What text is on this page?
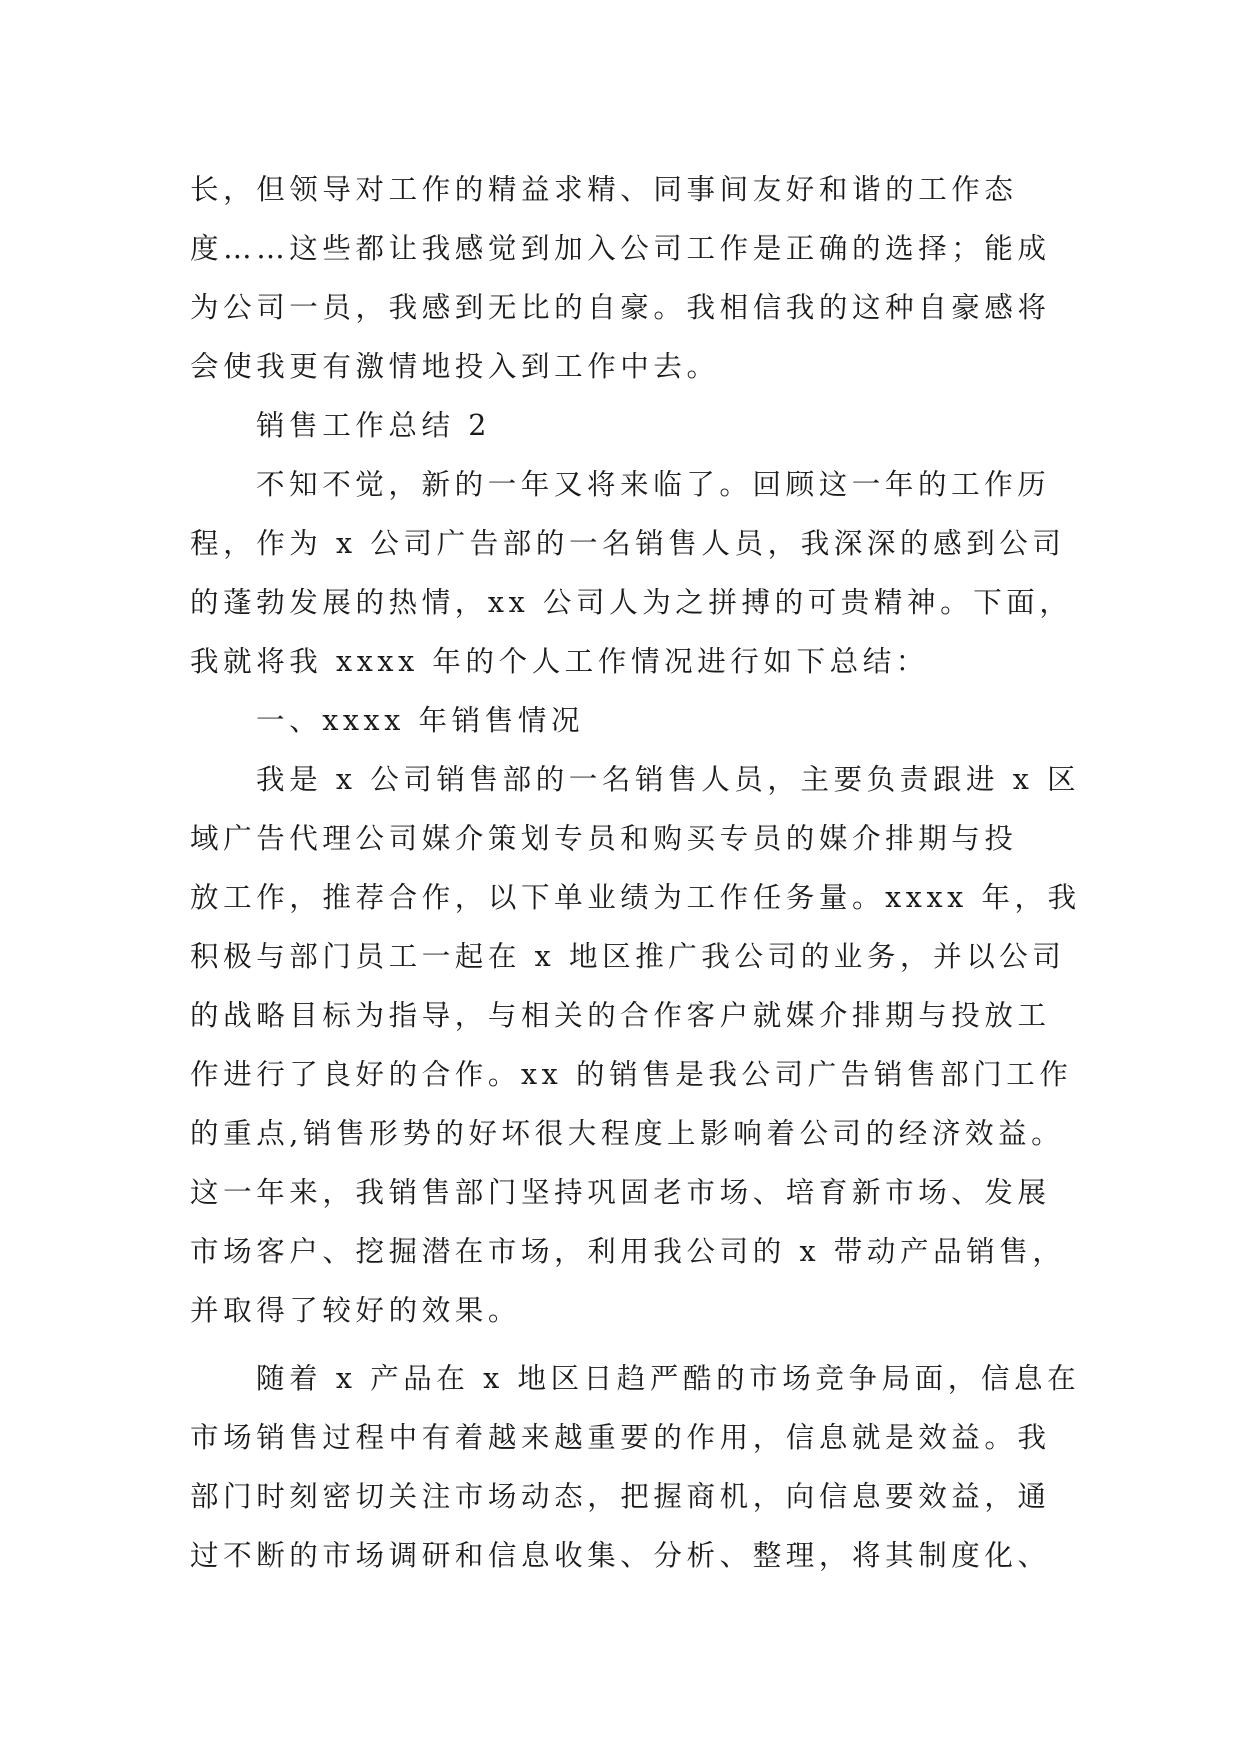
长，但领导对工作的精益求精、同事间友好和谐的工作态
度……这些都让我感觉到加入公司工作是正确的选择；能成
为公司一员，我感到无比的自豪。我相信我的这种自豪感将
会使我更有激情地投入到工作中去。
销售工作总结 2
不知不觉，新的一年又将来临了。回顾这一年的工作历
程，作为 x 公司广告部的一名销售人员，我深深的感到公司
的蓬勃发展的热情，xx 公司人为之拼搏的可贵精神。下面，
我就将我 xxxx 年的个人工作情况进行如下总结：
一、xxxx 年销售情况
我是 x 公司销售部的一名销售人员，主要负责跟进 x 区
域广告代理公司媒介策划专员和购买专员的媒介排期与投
放工作，推荐合作，以下单业绩为工作任务量。xxxx 年，我
积极与部门员工一起在 x 地区推广我公司的业务，并以公司
的战略目标为指导，与相关的合作客户就媒介排期与投放工
作进行了良好的合作。xx 的销售是我公司广告销售部门工作
的重点,销售形势的好坏很大程度上影响着公司的经济效益。
这一年来，我销售部门坚持巩固老市场、培育新市场、发展
市场客户、挖掘潜在市场，利用我公司的 x 带动产品销售，
并取得了较好的效果。
随着 x 产品在 x 地区日趋严酷的市场竞争局面，信息在
市场销售过程中有着越来越重要的作用，信息就是效益。我
部门时刻密切关注市场动态，把握商机，向信息要效益，通
过不断的市场调研和信息收集、分析、整理，将其制度化、
